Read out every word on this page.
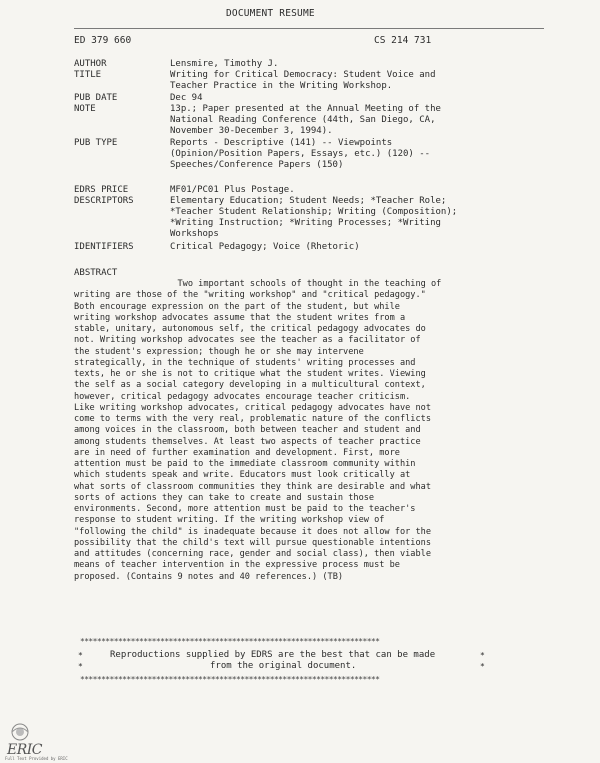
DOCUMENT RESUME
ED 379 660	CS 214 731
AUTHOR	Lensmire, Timothy J.
TITLE	Writing for Critical Democracy: Student Voice and
Teacher Practice in the Writing Workshop.
PUB DATE	Dec 94
NOTE	13p.; Paper presented at the Annual Meeting of the
National Reading Conference (44th, San Diego, CA,
November 30-December 3, 1994).
PUB TYPE	Reports - Descriptive (141) -- Viewpoints
(Opinion/Position Papers, Essays, etc.) (120) --
Speeches/Conference Papers (150)
EDRS PRICE	MF01/PC01 Plus Postage.
DESCRIPTORS	Elementary Education; Student Needs; *Teacher Role;
*Teacher Student Relationship; Writing (Composition);
*Writing Instruction; *Writing Processes; *Writing
Workshops
IDENTIFIERS	Critical Pedagogy; Voice (Rhetoric)
ABSTRACT
Two important schools of thought in the teaching of
writing are those of the "writing workshop" and "critical pedagogy."
Both encourage expression on the part of the student, but while
writing workshop advocates assume that the student writes from a
stable, unitary, autonomous self, the critical pedagogy advocates do
not. Writing workshop advocates see the teacher as a facilitator of
the student's expression; though he or she may intervene
strategically, in the technique of students' writing processes and
texts, he or she is not to critique what the student writes. Viewing
the self as a social category developing in a multicultural context,
however, critical pedagogy advocates encourage teacher criticism.
Like writing workshop advocates, critical pedagogy advocates have not
come to terms with the very real, problematic nature of the conflicts
among voices in the classroom, both between teacher and student and
among students themselves. At least two aspects of teacher practice
are in need of further examination and development. First, more
attention must be paid to the immediate classroom community within
which students speak and write. Educators must look critically at
what sorts of classroom communities they think are desirable and what
sorts of actions they can take to create and sustain those
environments. Second, more attention must be paid to the teacher's
response to student writing. If the writing workshop view of
"following the child" is inadequate because it does not allow for the
possibility that the child's text will pursue questionable intentions
and attitudes (concerning race, gender and social class), then viable
means of teacher intervention in the expressive process must be
proposed. (Contains 9 notes and 40 references.) (TB)
***********************************************************************
*	*
Reproductions supplied by EDRS are the best that can be made
from the original document.
*	*
***********************************************************************
ERIC
Full Text Provided by ERIC
